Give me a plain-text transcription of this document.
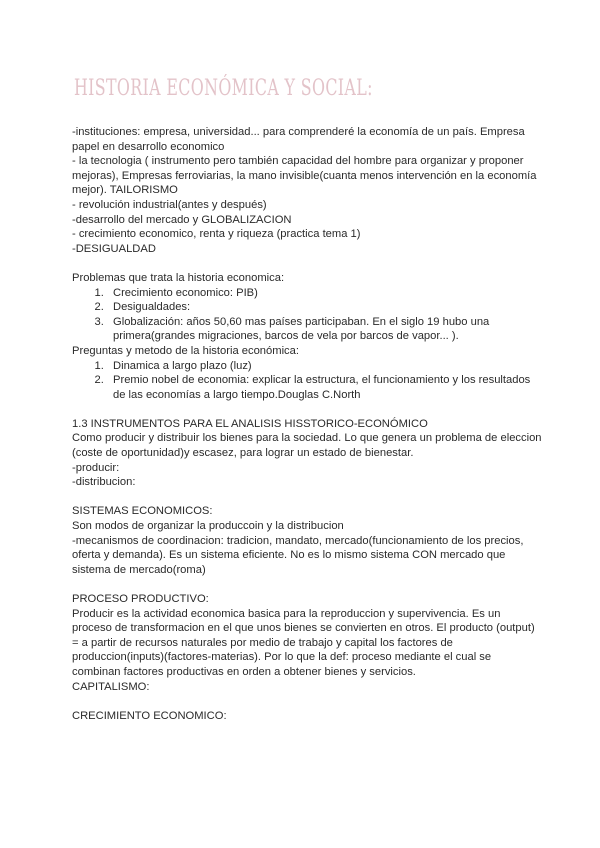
HISTORIA ECONÓMICA Y SOCIAL:

-instituciones: empresa, universidad... para comprenderé la economía de un país. Empresa papel en desarrollo economico

- la tecnologia ( instrumento pero también capacidad del hombre para organizar y proponer mejoras), Empresas ferroviarias, la mano invisible(cuanta menos intervención en la economía mejor). TAILORISMO

- revolución industrial(antes y después)

-desarrollo del mercado y GLOBALIZACION

- crecimiento economico, renta y riqueza (practica tema 1)

-DESIGUALDAD

Problemas que trata la historia economica:

1. Crecimiento economico: PIB)
2. Desigualdades:
3. Globalización: años 50,60 mas países participaban. En el siglo 19 hubo una primera(grandes migraciones, barcos de vela por barcos de vapor... ).

Preguntas y metodo de la historia económica:

1. Dinamica a largo plazo (luz)
2. Premio nobel de economia: explicar la estructura, el funcionamiento y los resultados de las economías a largo tiempo.Douglas C.North

1.3 INSTRUMENTOS PARA EL ANALISIS HISSTORICO-ECONÓMICO

Como producir y distribuir los bienes para la sociedad. Lo que genera un problema de eleccion (coste de oportunidad)y escasez, para lograr un estado de bienestar.

-producir:

-distribucion:

SISTEMAS ECONOMICOS:

Son modos de organizar la produccoin y la distribucion

-mecanismos de coordinacion: tradicion, mandato, mercado(funcionamiento de los precios, oferta y demanda). Es un sistema eficiente. No es lo mismo sistema CON mercado que sistema de mercado(roma)

PROCESO PRODUCTIVO:

Producir es la actividad economica basica para la reproduccion y supervivencia. Es un proceso de transformacion en el que unos bienes se convierten en otros. El producto (output) = a partir de recursos naturales por medio de trabajo y capital los factores de produccion(inputs)(factores-materias). Por lo que la def: proceso mediante el cual se combinan factores productivas en orden a obtener bienes y servicios.

CAPITALISMO:

CRECIMIENTO ECONOMICO:
